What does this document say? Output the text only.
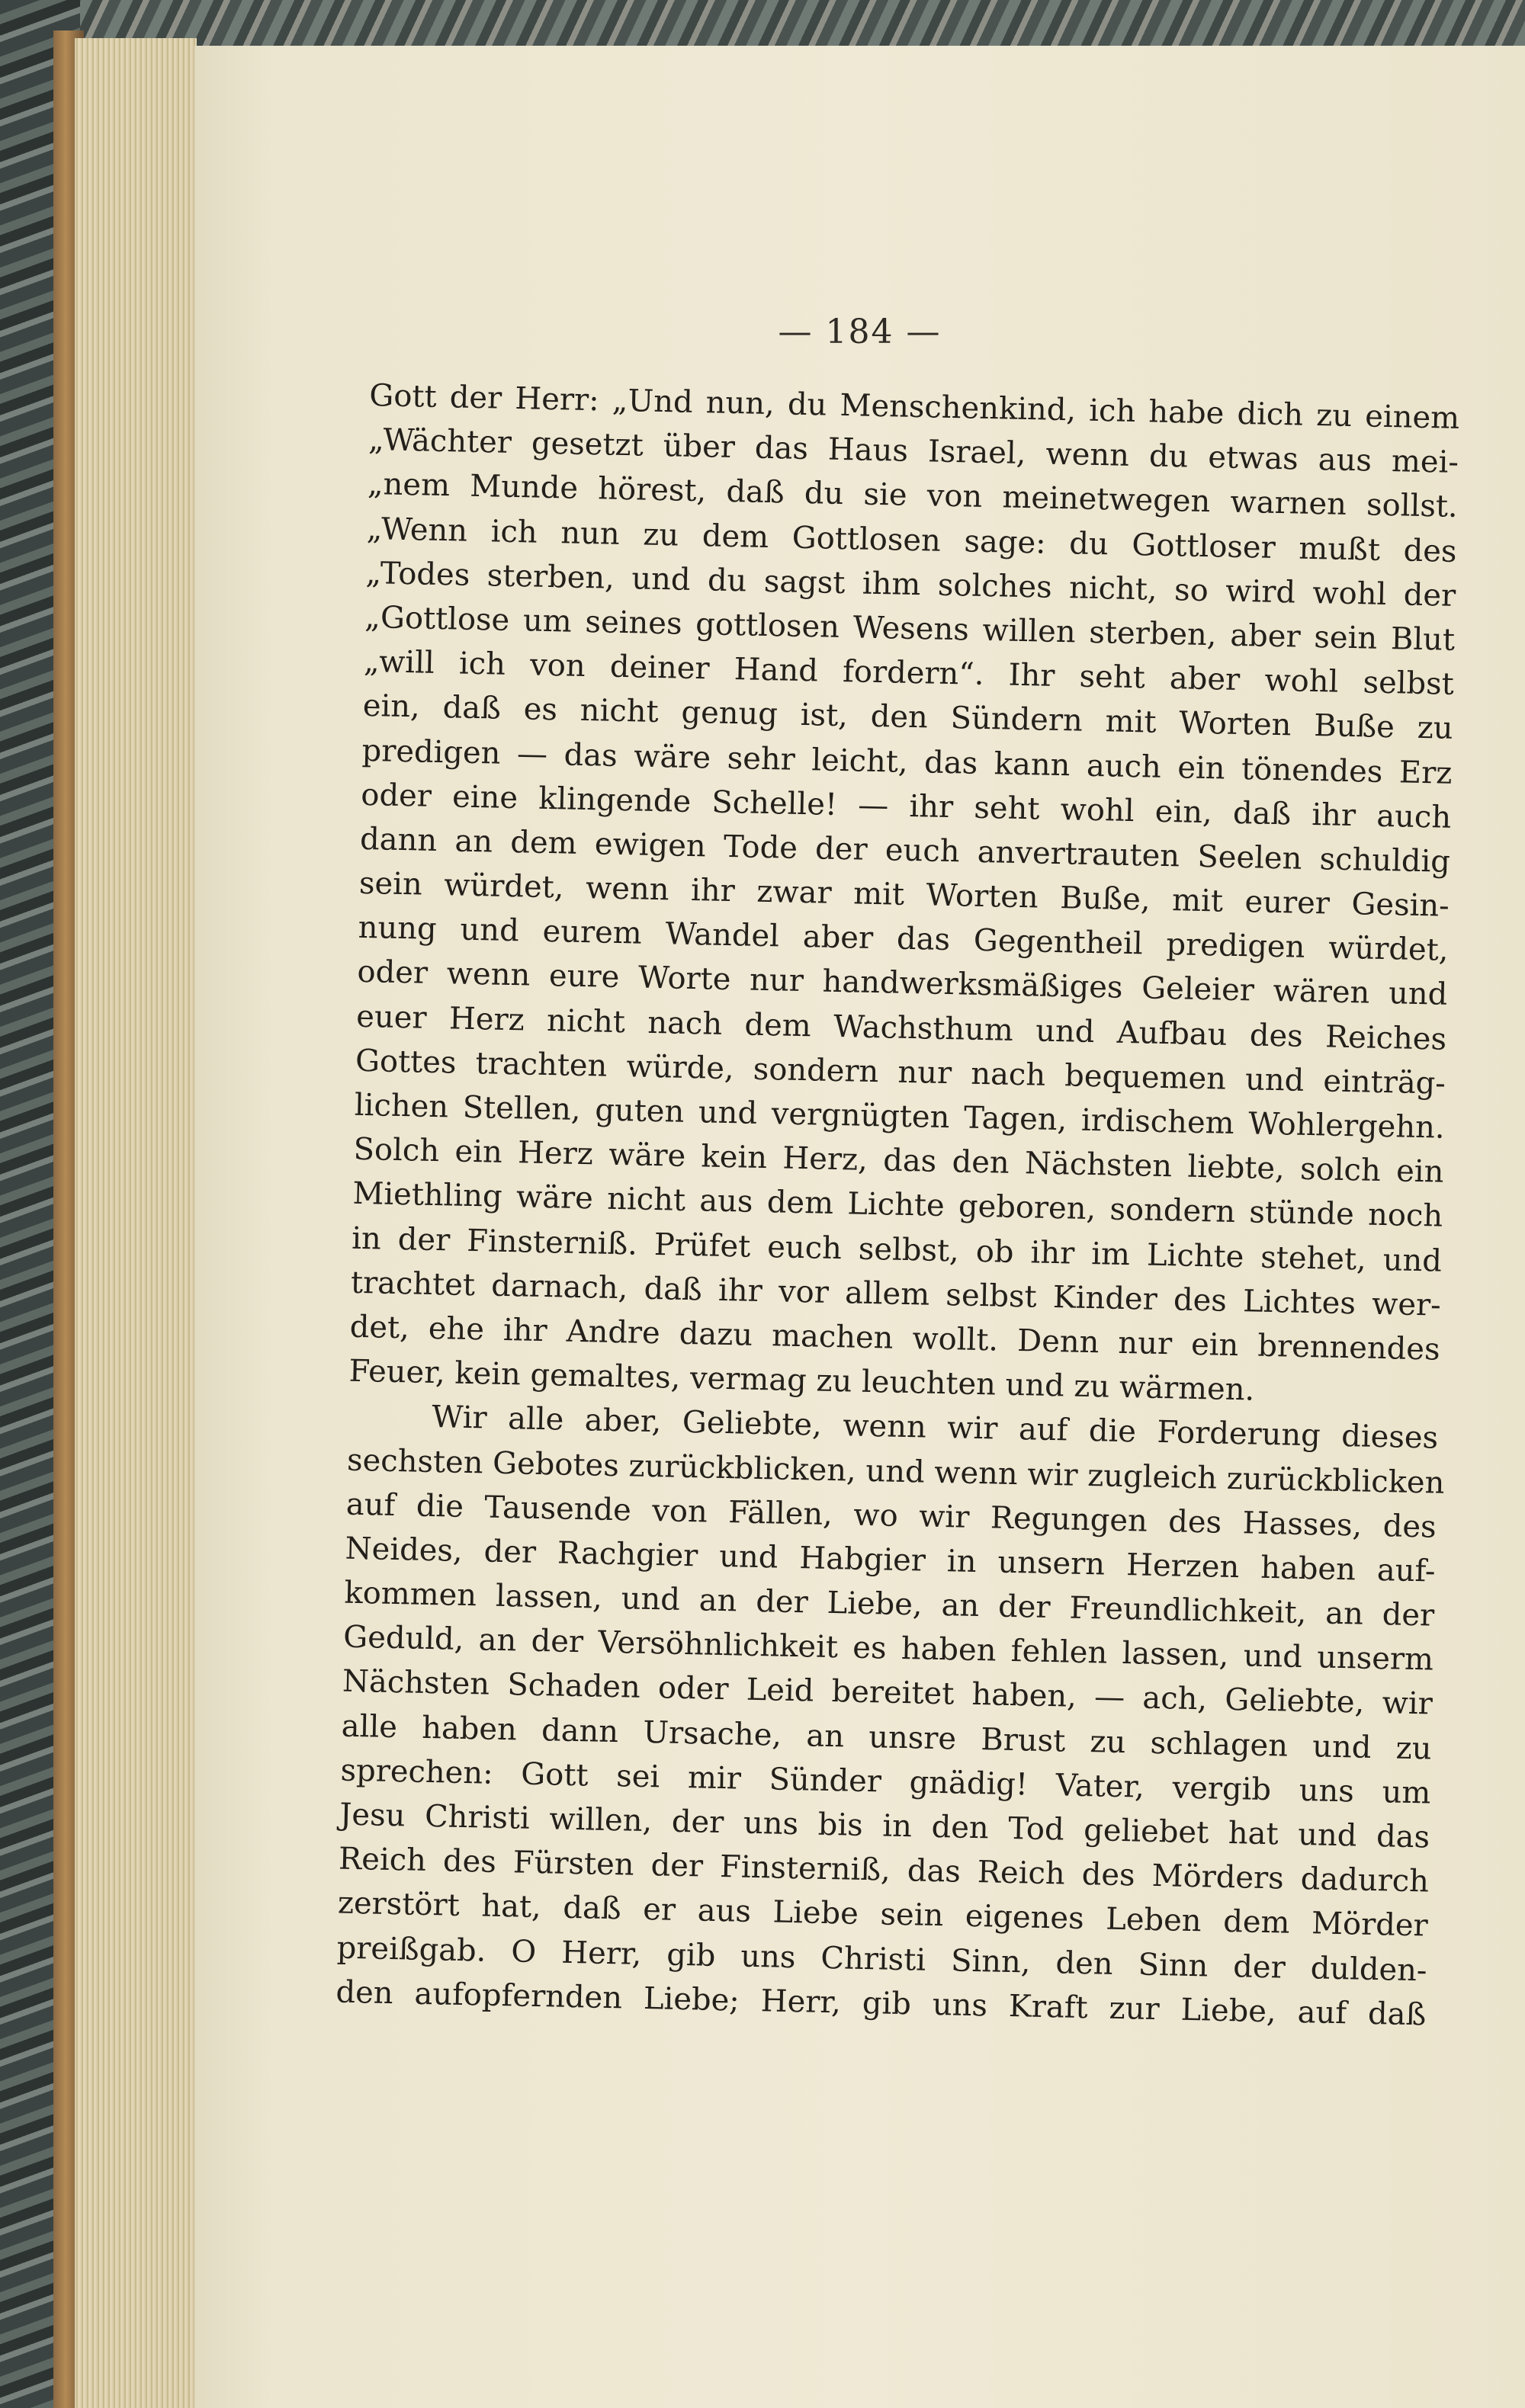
— 184 —
Gott der Herr: „Und nun, du Menschenkind, ich habe dich zu einem
„Wächter gesetzt über das Haus Israel, wenn du etwas aus mei-
„nem Munde hörest, daß du sie von meinetwegen warnen sollst.
„Wenn ich nun zu dem Gottlosen sage: du Gottloser mußt des
„Todes sterben, und du sagst ihm solches nicht, so wird wohl der
„Gottlose um seines gottlosen Wesens willen sterben, aber sein Blut
„will ich von deiner Hand fordern“. Ihr seht aber wohl selbst
ein, daß es nicht genug ist, den Sündern mit Worten Buße zu
predigen — das wäre sehr leicht, das kann auch ein tönendes Erz
oder eine klingende Schelle! — ihr seht wohl ein, daß ihr auch
dann an dem ewigen Tode der euch anvertrauten Seelen schuldig
sein würdet, wenn ihr zwar mit Worten Buße, mit eurer Gesin-
nung und eurem Wandel aber das Gegentheil predigen würdet,
oder wenn eure Worte nur handwerksmäßiges Geleier wären und
euer Herz nicht nach dem Wachsthum und Aufbau des Reiches
Gottes trachten würde, sondern nur nach bequemen und einträg-
lichen Stellen, guten und vergnügten Tagen, irdischem Wohlergehn.
Solch ein Herz wäre kein Herz, das den Nächsten liebte, solch ein
Miethling wäre nicht aus dem Lichte geboren, sondern stünde noch
in der Finsterniß. Prüfet euch selbst, ob ihr im Lichte stehet, und
trachtet darnach, daß ihr vor allem selbst Kinder des Lichtes wer-
det, ehe ihr Andre dazu machen wollt. Denn nur ein brennendes
Feuer, kein gemaltes, vermag zu leuchten und zu wärmen.
Wir alle aber, Geliebte, wenn wir auf die Forderung dieses
sechsten Gebotes zurückblicken, und wenn wir zugleich zurückblicken
auf die Tausende von Fällen, wo wir Regungen des Hasses, des
Neides, der Rachgier und Habgier in unsern Herzen haben auf-
kommen lassen, und an der Liebe, an der Freundlichkeit, an der
Geduld, an der Versöhnlichkeit es haben fehlen lassen, und unserm
Nächsten Schaden oder Leid bereitet haben, — ach, Geliebte, wir
alle haben dann Ursache, an unsre Brust zu schlagen und zu
sprechen: Gott sei mir Sünder gnädig! Vater, vergib uns um
Jesu Christi willen, der uns bis in den Tod geliebet hat und das
Reich des Fürsten der Finsterniß, das Reich des Mörders dadurch
zerstört hat, daß er aus Liebe sein eigenes Leben dem Mörder
preißgab. O Herr, gib uns Christi Sinn, den Sinn der dulden-
den aufopfernden Liebe; Herr, gib uns Kraft zur Liebe, auf daß
